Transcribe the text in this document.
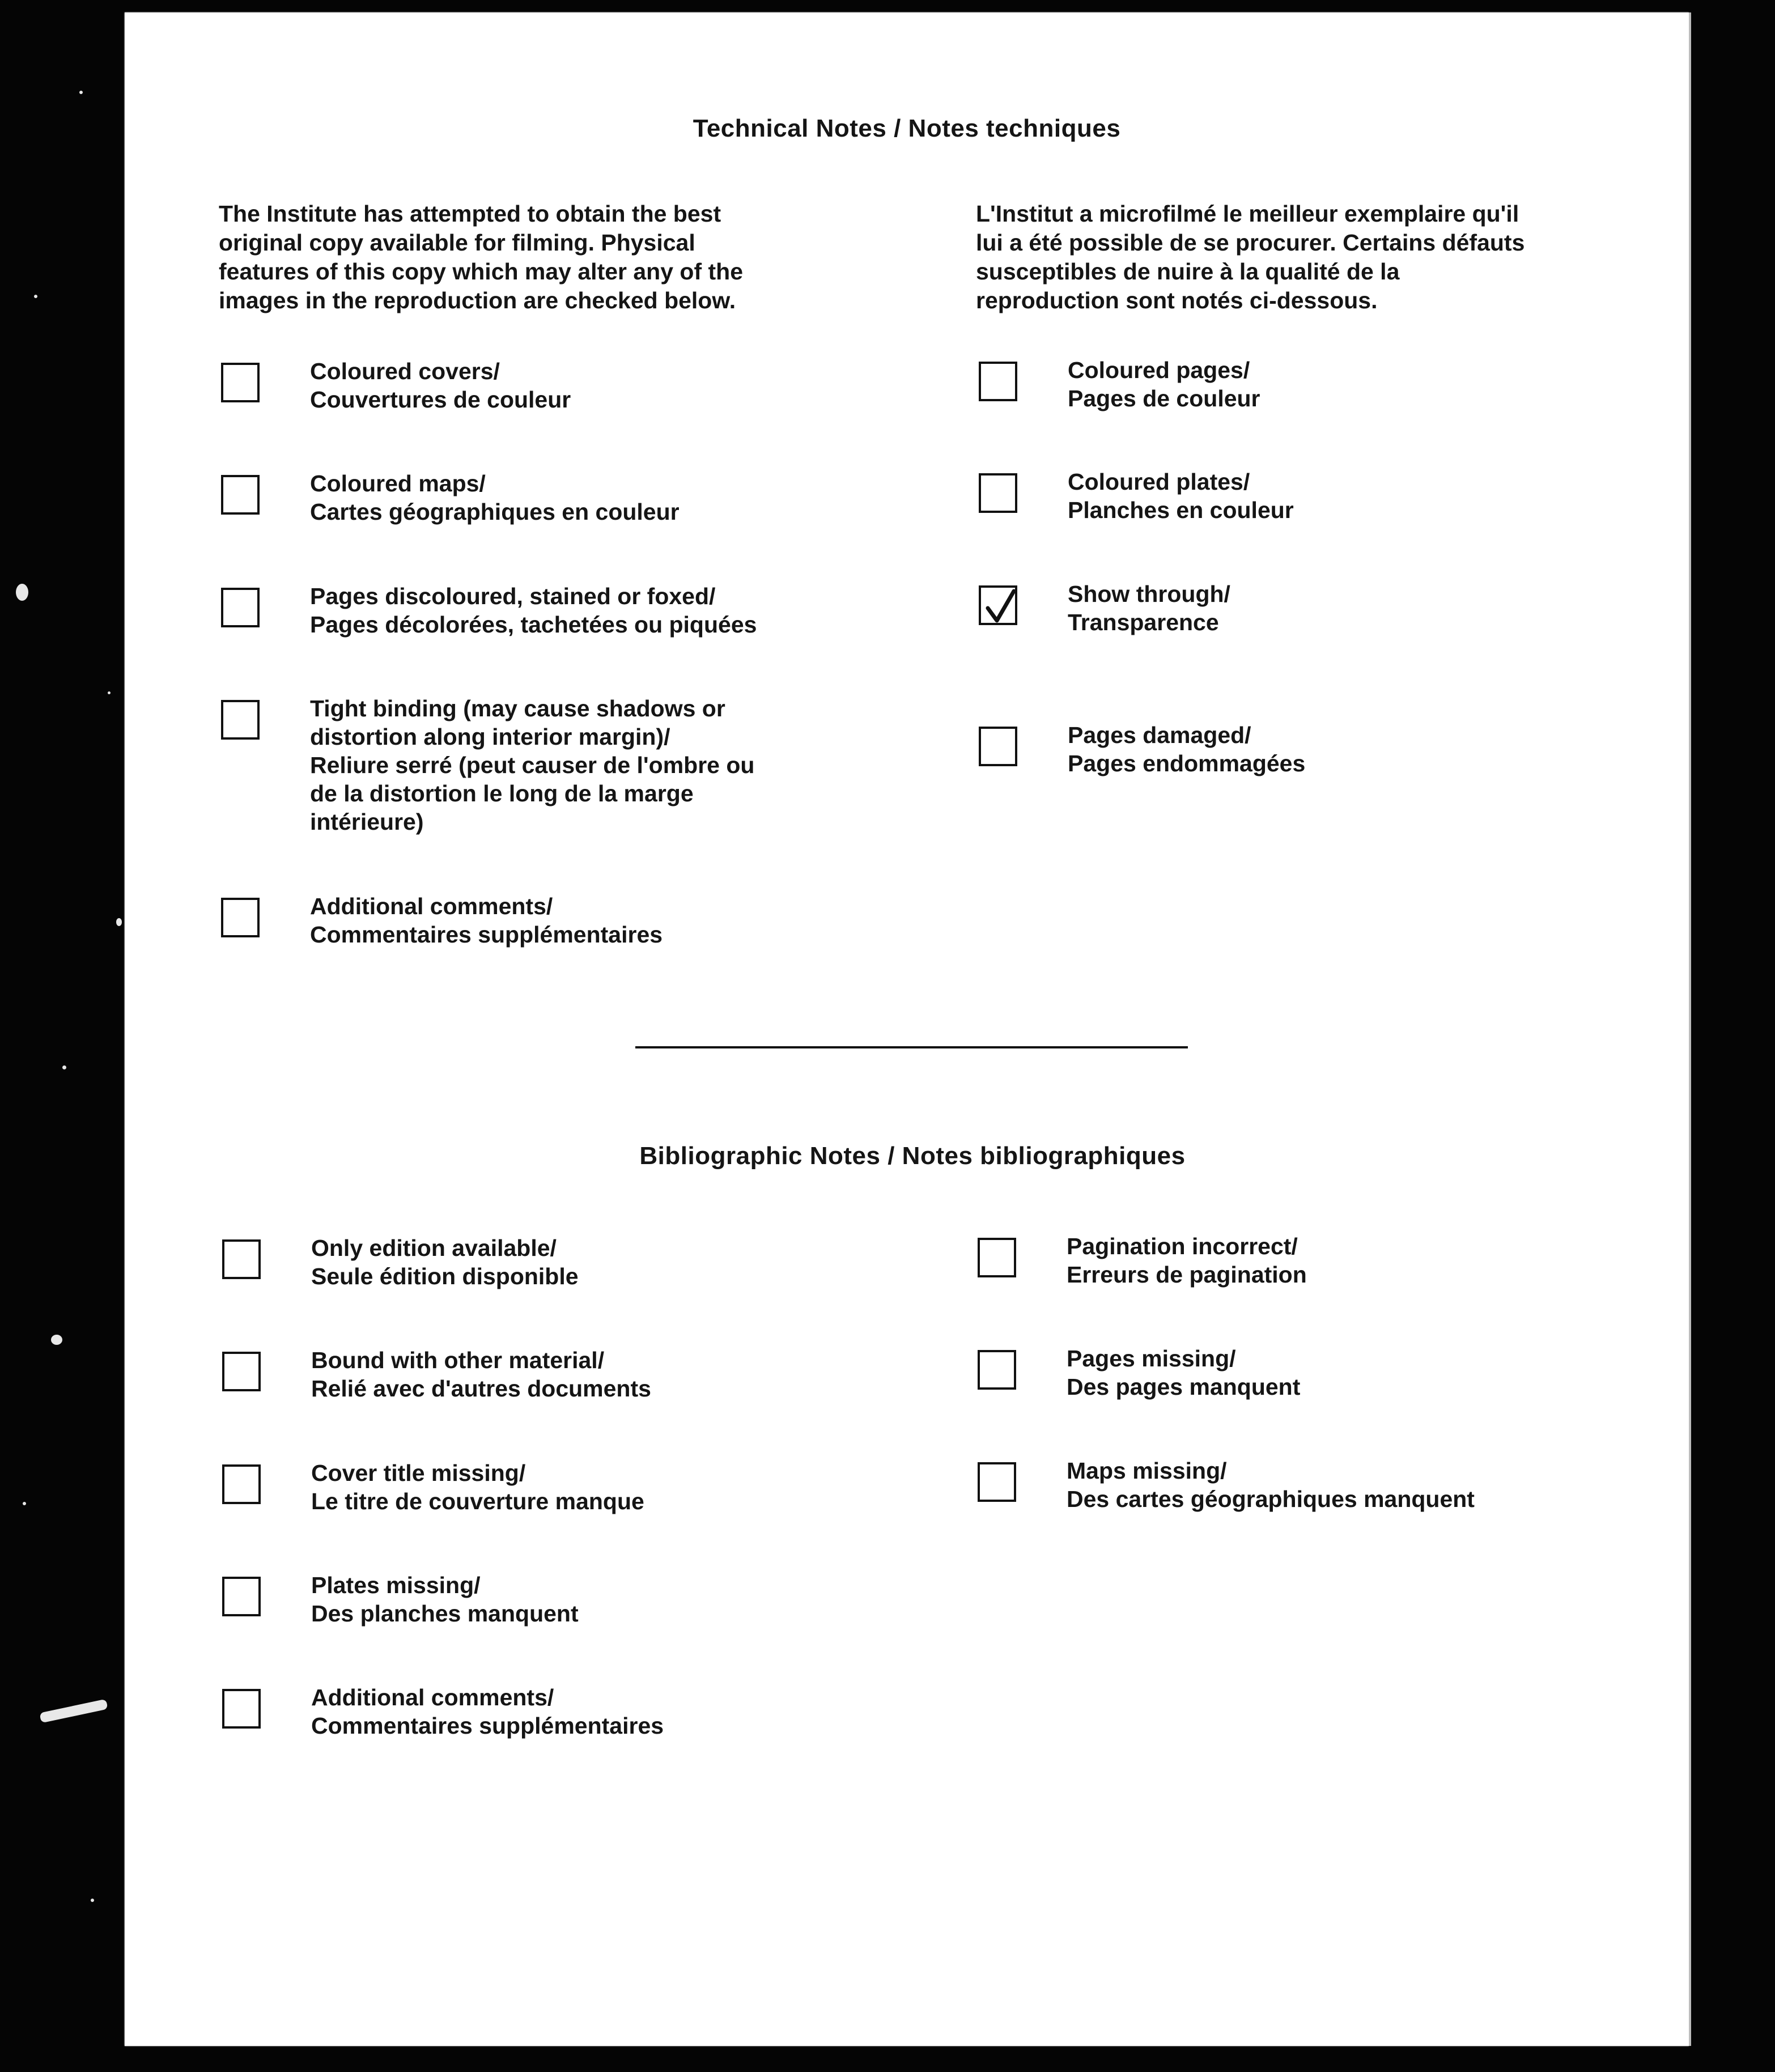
Technical Notes / Notes techniques

The Institute has attempted to obtain the best original copy available for filming. Physical features of this copy which may alter any of the images in the reproduction are checked below.

L'Institut a microfilmé le meilleur exemplaire qu'il lui a été possible de se procurer. Certains défauts susceptibles de nuire à la qualité de la reproduction sont notés ci-dessous.

Coloured covers/
Couvertures de couleur
Coloured maps/
Cartes géographiques en couleur
Pages discoloured, stained or foxed/
Pages décolorées, tachetées ou piquées
Tight binding (may cause shadows or
distortion along interior margin)/
Reliure serré (peut causer de l'ombre ou
de la distortion le long de la marge
intérieure)
Additional comments/
Commentaires supplémentaires
Coloured pages/
Pages de couleur
Coloured plates/
Planches en couleur
Show through/
Transparence
Pages damaged/
Pages endommagées
Bibliographic Notes / Notes bibliographiques
Only edition available/
Seule édition disponible
Bound with other material/
Relié avec d'autres documents
Cover title missing/
Le titre de couverture manque
Plates missing/
Des planches manquent
Additional comments/
Commentaires supplémentaires
Pagination incorrect/
Erreurs de pagination
Pages missing/
Des pages manquent
Maps missing/
Des cartes géographiques manquent
